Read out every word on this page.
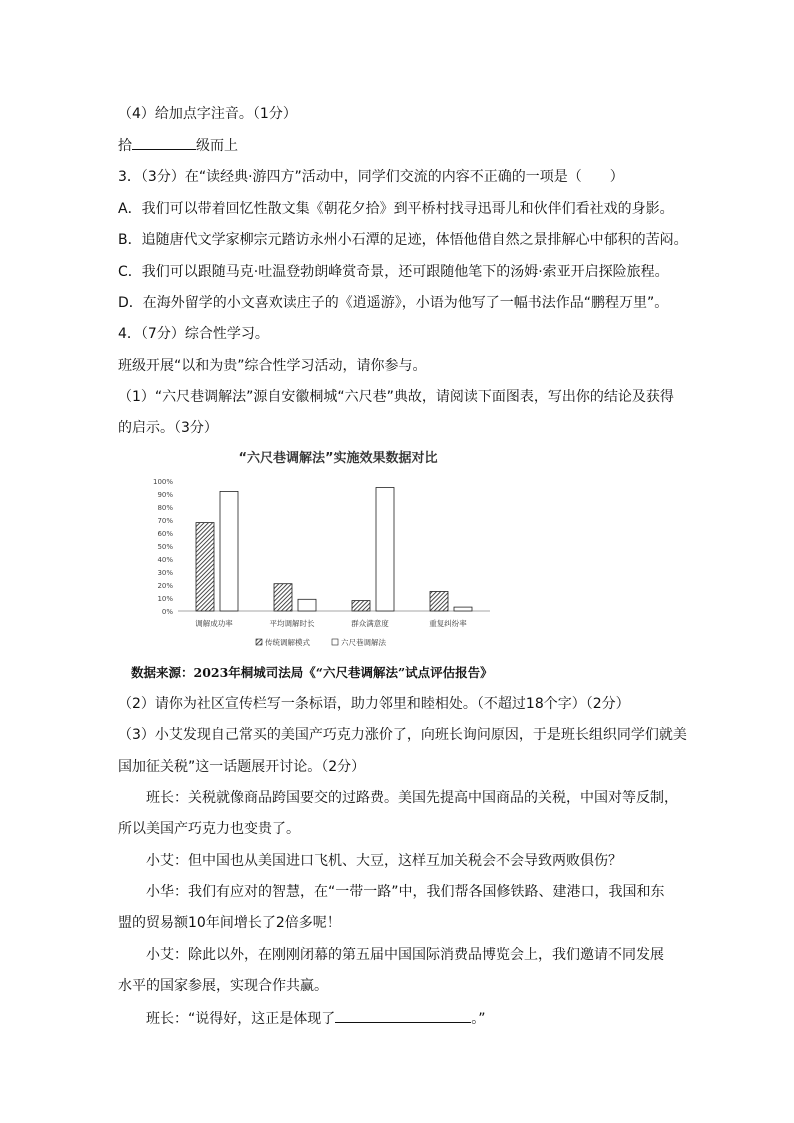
（4）给加点字注音。（1分）
拾	级而上
3．（3分）在“读经典·游四方”活动中，同学们交流的内容不正确的一项是（　　）
A．我们可以带着回忆性散文集《朝花夕拾》到平桥村找寻迅哥儿和伙伴们看社戏的身影。
B．追随唐代文学家柳宗元踏访永州小石潭的足迹，体悟他借自然之景排解心中郁积的苦闷。
C．我们可以跟随马克·吐温登勃朗峰赏奇景，还可跟随他笔下的汤姆·索亚开启探险旅程。
D．在海外留学的小文喜欢读庄子的《逍遥游》，小语为他写了一幅书法作品“鹏程万里”。
4．（7分）综合性学习。
班级开展“以和为贵”综合性学习活动，请你参与。
（1）“六尺巷调解法”源自安徽桐城“六尺巷”典故，请阅读下面图表，写出你的结论及获得
的启示。（3分）
“六尺巷调解法”实施效果数据对比
0%
10%
20%
30%
40%
50%
60%
70%
80%
90%
100%
调解成功率	平均调解时长	群众满意度	重复纠纷率
传统调解模式	六尺巷调解法
数据来源：2023年桐城司法局《“六尺巷调解法”试点评估报告》
（2）请你为社区宣传栏写一条标语，助力邻里和睦相处。（不超过18个字）（2分）
（3）小艾发现自己常买的美国产巧克力涨价了，向班长询问原因，于是班长组织同学们就美
国加征关税”这一话题展开讨论。（2分）
班长：关税就像商品跨国要交的过路费。美国先提高中国商品的关税，中国对等反制，
所以美国产巧克力也变贵了。
小艾：但中国也从美国进口飞机、大豆，这样互加关税会不会导致两败俱伤？
小华：我们有应对的智慧，在“一带一路”中，我们帮各国修铁路、建港口，我国和东
盟的贸易额10年间增长了2倍多呢！
小艾：除此以外，在刚刚闭幕的第五届中国国际消费品博览会上，我们邀请不同发展
水平的国家参展，实现合作共赢。
班长：“说得好，这正是体现了	。”
